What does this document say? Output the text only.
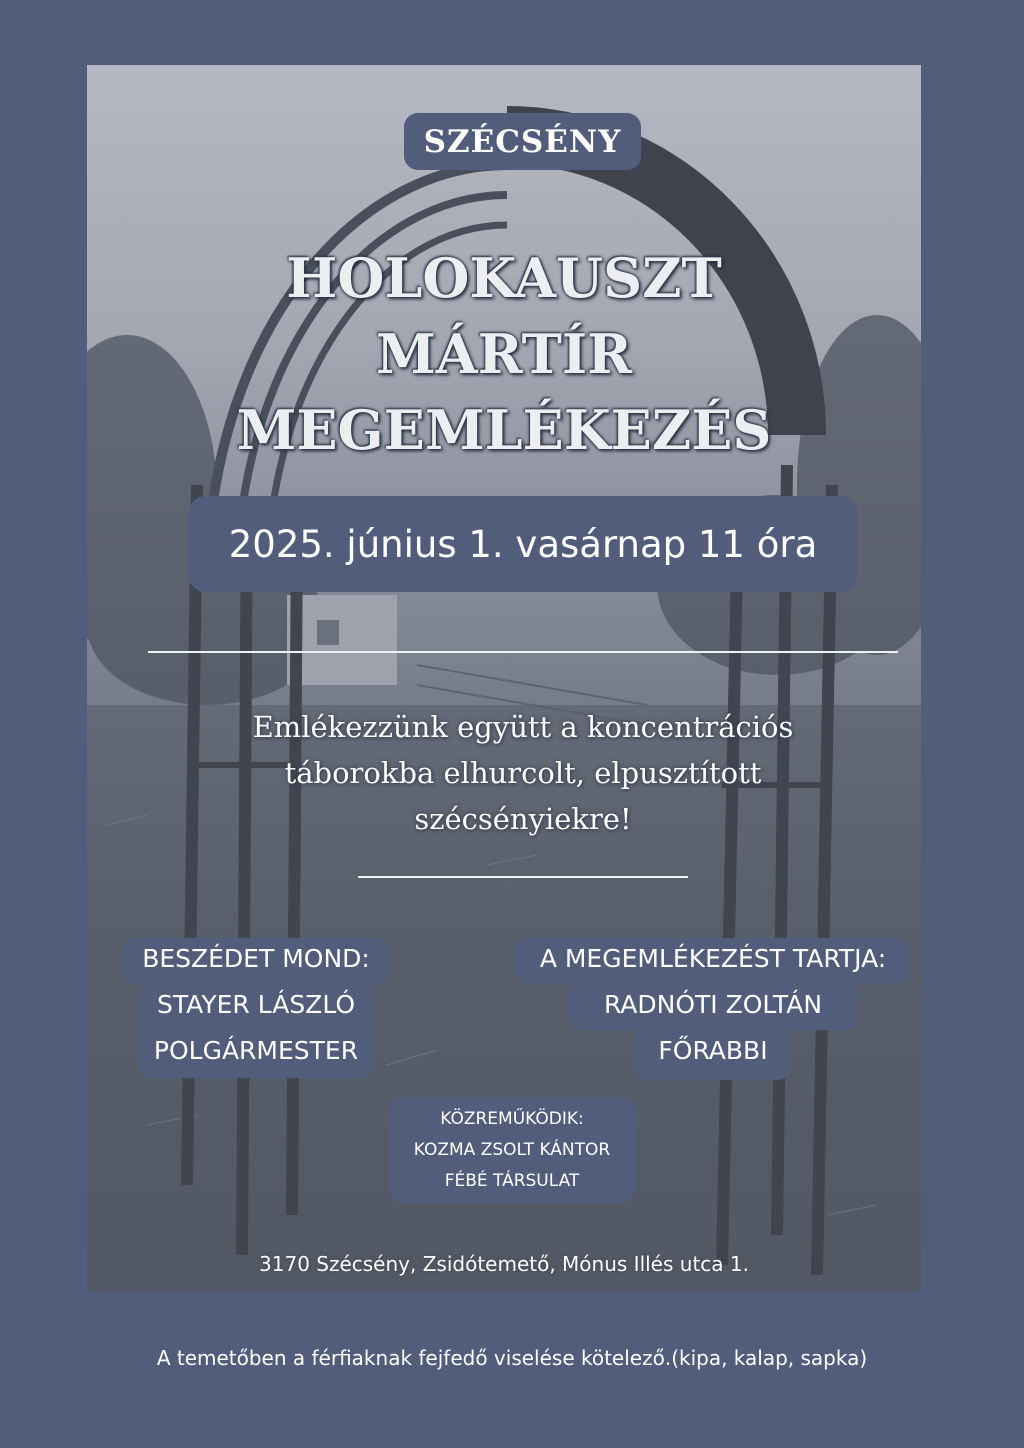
SZÉCSÉNY
HOLOKAUSZT
MÁRTÍR
MEGEMLÉKEZÉS
2025. június 1. vasárnap 11 óra
Emlékezzünk együtt a koncentrációs
táborokba elhurcolt, elpusztított
szécsényiekre!
BESZÉDET MOND:
STAYER LÁSZLÓ
POLGÁRMESTER
A MEGEMLÉKEZÉST TARTJA:
RADNÓTI ZOLTÁN
FŐRABBI
KÖZREMŰKÖDIK:
KOZMA ZSOLT KÁNTOR
FÉBÉ TÁRSULAT
3170 Szécsény, Zsidótemető, Mónus Illés utca 1.
A temetőben a férfiaknak fejfedő viselése kötelező.(kipa, kalap, sapka)
